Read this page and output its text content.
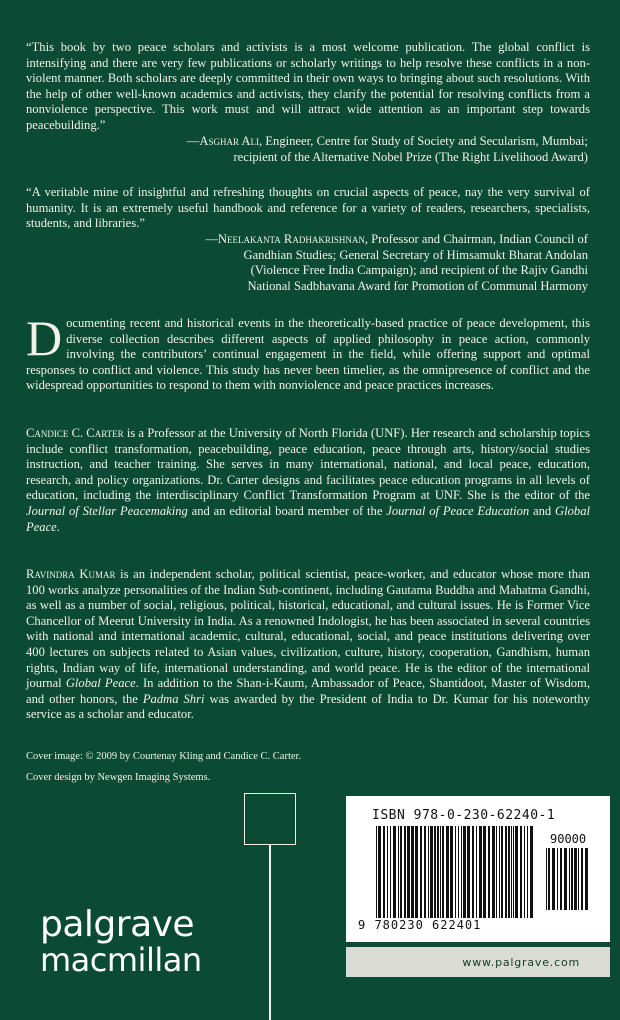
“This book by two peace scholars and activists is a most welcome publication. The global conflict is intensifying and there are very few publications or scholarly writings to help resolve these conflicts in a non-violent manner. Both scholars are deeply committed in their own ways to bringing about such resolutions. With the help of other well-known academics and activists, they clarify the potential for resolving conflicts from a nonviolence perspective. This work must and will attract wide attention as an important step towards peacebuilding.”

—Asghar Ali, Engineer, Centre for Study of Society and Secularism, Mumbai;
recipient of the Alternative Nobel Prize (The Right Livelihood Award)

“A veritable mine of insightful and refreshing thoughts on crucial aspects of peace, nay the very survival of humanity. It is an extremely useful handbook and reference for a variety of readers, researchers, specialists, students, and libraries.”

—Neelakanta Radhakrishnan, Professor and Chairman, Indian Council of
Gandhian Studies; General Secretary of Himsamukt Bharat Andolan
(Violence Free India Campaign); and recipient of the Rajiv Gandhi
National Sadbhavana Award for Promotion of Communal Harmony

Documenting recent and historical events in the theoretically-based practice of peace development, this diverse collection describes different aspects of applied philosophy in peace action, commonly involving the contributors’ continual engagement in the field, while offering support and optimal responses to conflict and violence. This study has never been timelier, as the omnipresence of conflict and the widespread opportunities to respond to them with nonviolence and peace practices increases.

Candice C. Carter is a Professor at the University of North Florida (UNF). Her research and scholarship topics include conflict transformation, peacebuilding, peace education, peace through arts, history/social studies instruction, and teacher training. She serves in many international, national, and local peace, education, research, and policy organizations. Dr. Carter designs and facilitates peace education programs in all levels of education, including the interdisciplinary Conflict Transformation Program at UNF. She is the editor of the Journal of Stellar Peacemaking and an editorial board member of the Journal of Peace Education and Global Peace.

Ravindra Kumar is an independent scholar, political scientist, peace-worker, and educator whose more than 100 works analyze personalities of the Indian Sub-continent, including Gautama Buddha and Mahatma Gandhi, as well as a number of social, religious, political, historical, educational, and cultural issues. He is Former Vice Chancellor of Meerut University in India. As a renowned Indologist, he has been associated in several countries with national and international academic, cultural, educational, social, and peace institutions delivering over 400 lectures on subjects related to Asian values, civilization, culture, history, cooperation, Gandhism, human rights, Indian way of life, international understanding, and world peace. He is the editor of the international journal Global Peace. In addition to the Shan-i-Kaum, Ambassador of Peace, Shantidoot, Master of Wisdom, and other honors, the Padma Shri was awarded by the President of India to Dr. Kumar for his noteworthy service as a scholar and educator.

Cover image: © 2009 by Courtenay Kling and Candice C. Carter.
Cover design by Newgen Imaging Systems.
palgrave
macmillan
ISBN 978-0-230-62240-1
90000
9 780230 622401
www.palgrave.com
